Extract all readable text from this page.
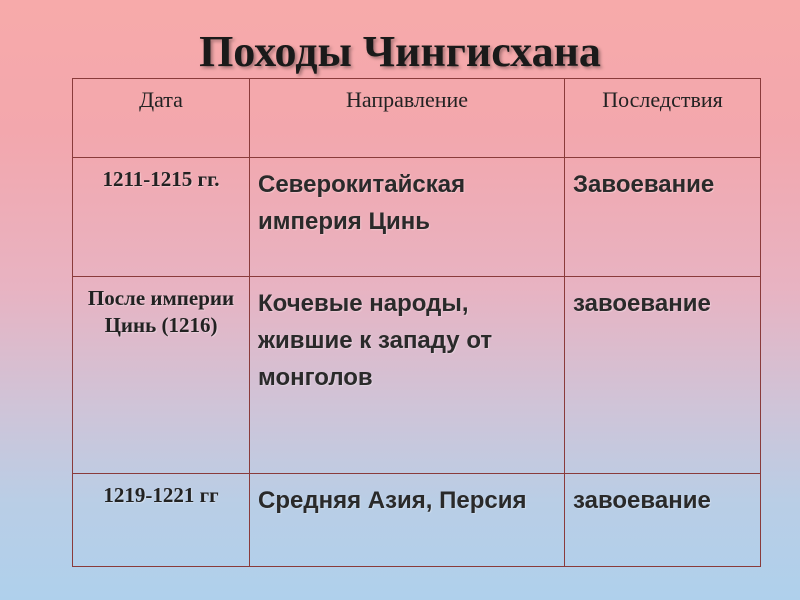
Походы Чингисхана
Дата	Направление	Последствия
1211-1215 гг.	Северокитайская империя Цинь	Завоевание
После империи Цинь (1216)	Кочевые народы, жившие к западу от монголов	завоевание
1219-1221 гг	Средняя Азия, Персия	завоевание
